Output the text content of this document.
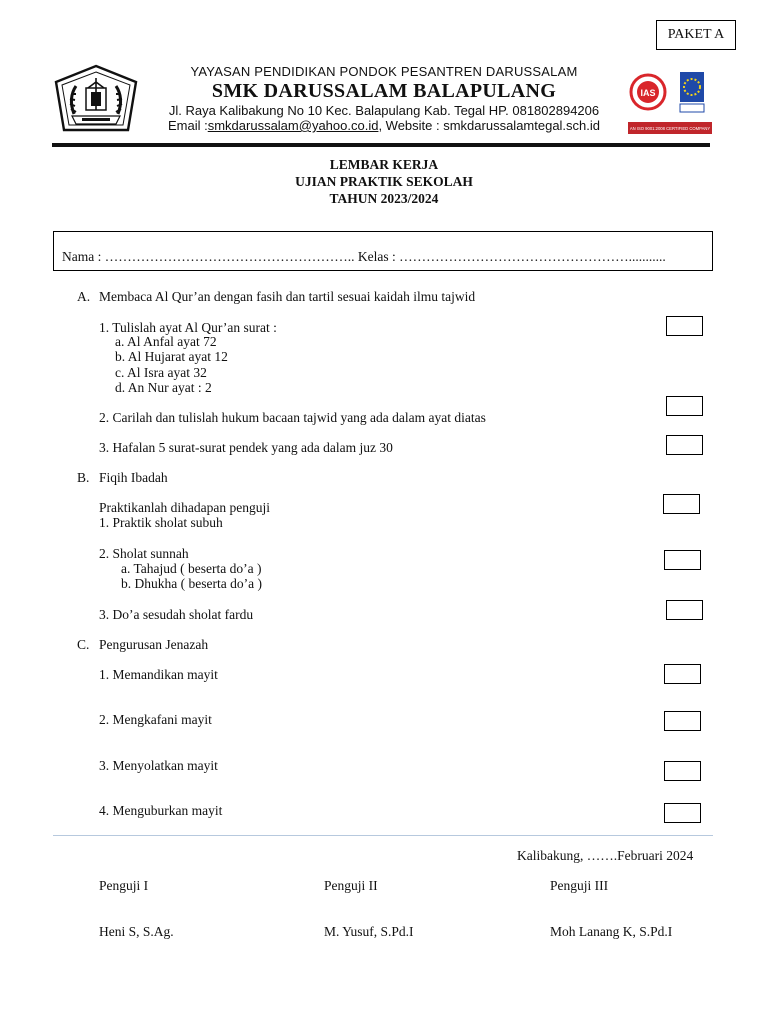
PAKET A
YAYASAN PENDIDIKAN PONDOK PESANTREN DARUSSALAM
SMK DARUSSALAM BALAPULANG
Jl. Raya Kalibakung No 10 Kec. Balapulang Kab. Tegal HP. 081802894206
Email :smkdarussalam@yahoo.co.id, Website : smkdarussalamtegal.sch.id
IAS
AN ISO 9001:2008 CERTIFIED COMPANY
LEMBAR KERJA
UJIAN PRAKTIK SEKOLAH
TAHUN 2023/2024
Nama : ……………………………………………….. Kelas : ……………………………………………...........
A. Membaca Al Qur’an dengan fasih dan tartil sesuai kaidah ilmu tajwid
1. Tulislah ayat Al Qur’an surat :
a. Al Anfal ayat 72
b. Al Hujarat ayat 12
c. Al Isra ayat 32
d. An Nur ayat : 2
2. Carilah dan tulislah hukum bacaan tajwid yang ada dalam ayat diatas
3. Hafalan 5 surat-surat pendek yang ada dalam juz 30
B. Fiqih Ibadah
Praktikanlah dihadapan penguji
1. Praktik sholat subuh
2. Sholat sunnah
a. Tahajud ( beserta do’a )
b. Dhukha ( beserta do’a )
3. Do’a sesudah sholat fardu
C. Pengurusan Jenazah
1. Memandikan mayit
2. Mengkafani mayit
3. Menyolatkan mayit
4. Menguburkan mayit
Kalibakung, …….Februari 2024
Penguji I	Penguji II	Penguji III
Heni S, S.Ag.	M. Yusuf, S.Pd.I	Moh Lanang K, S.Pd.I
